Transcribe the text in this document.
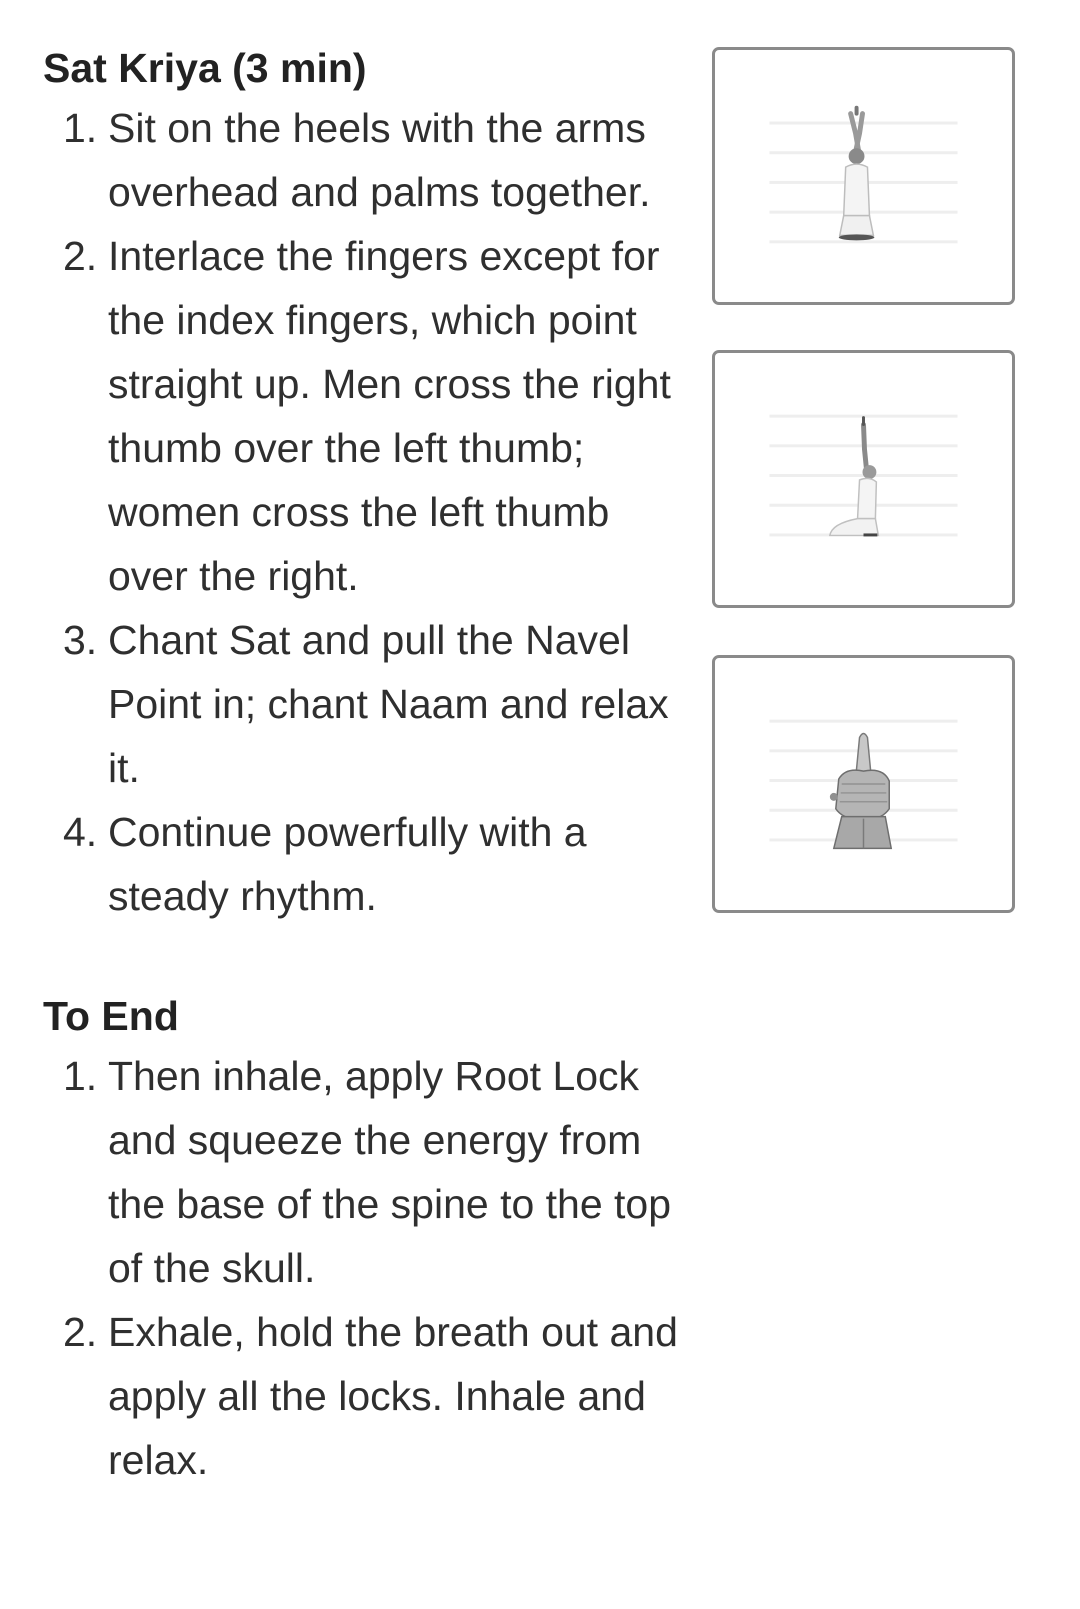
Sat Kriya (3 min)
1. Sit on the heels with the arms overhead and palms together.
2. Interlace the fingers except for the index fingers, which point straight up. Men cross the right thumb over the left thumb; women cross the left thumb over the right.
3. Chant Sat and pull the Navel Point in; chant Naam and relax it.
4. Continue powerfully with a steady rhythm.
To End
1. Then inhale, apply Root Lock and squeeze the energy from the base of the spine to the top of the skull.
2. Exhale, hold the breath out and apply all the locks. Inhale and relax.
